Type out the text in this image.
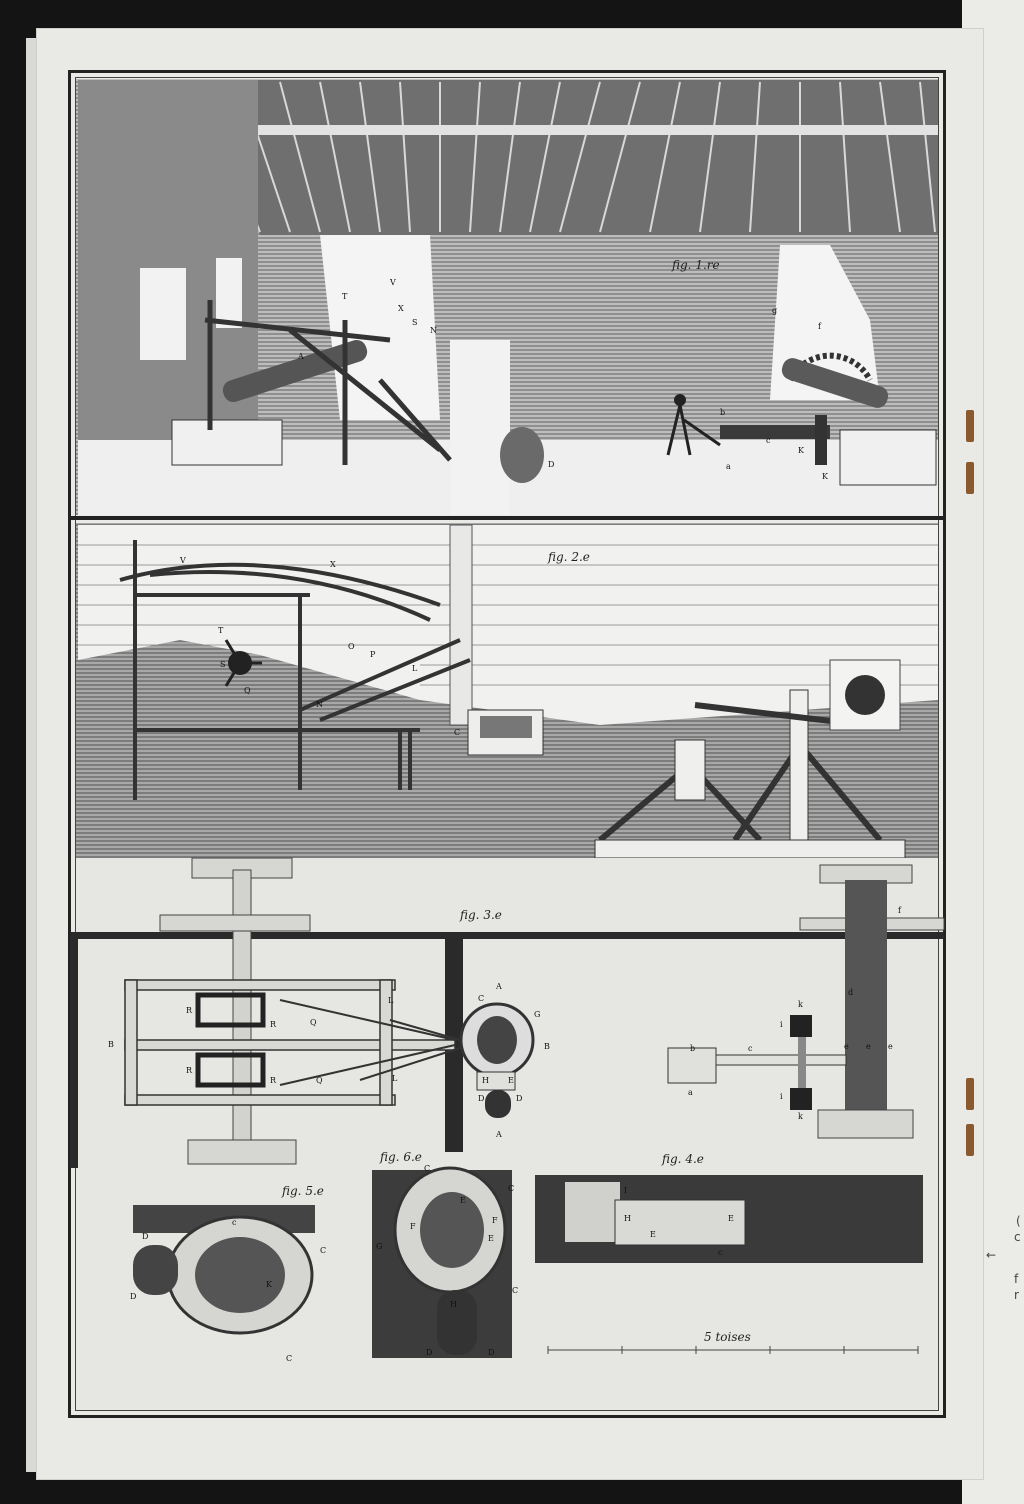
fig. 1.re
fig. 2.e
fig. 3.e
fig. 4.e
fig. 5.e
fig. 6.e
5 toises
V
T
X
S
N
A
D
g
f
b
c
a
K
K
V	X
T
S
O
P
L
Q
N
C
R
R
R
R
B
L
L
Q
Q
A
C
G
B
E
H
D	D
A
k
i
i
k
b
a
c
d
e e e
f
I
H
E
E
c
D
D
c
C
K
C
C
C
E
E
F
G
F
H
D	D
C
(
c
←
f
r
